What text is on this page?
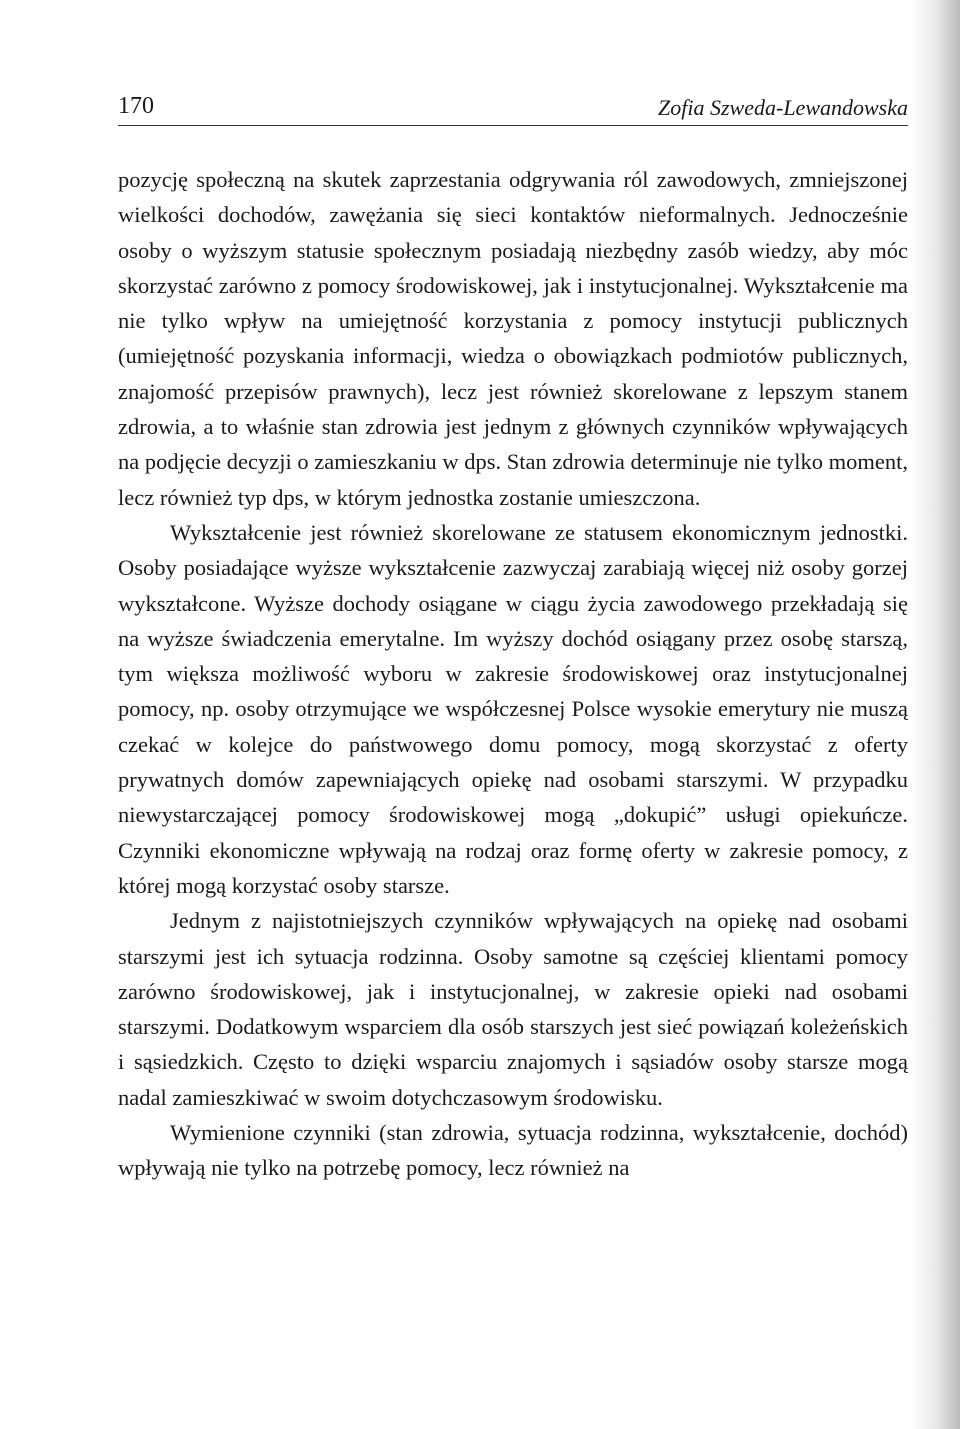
170	Zofia Szweda-Lewandowska

pozycję społeczną na skutek zaprzestania odgrywania ról zawodowych, zmniejszonej wielkości dochodów, zawężania się sieci kontaktów nieformalnych. Jednocześnie osoby o wyższym statusie społecznym posiadają niezbędny zasób wiedzy, aby móc skorzystać zarówno z pomocy środowiskowej, jak i instytucjonalnej. Wykształcenie ma nie tylko wpływ na umiejętność korzystania z pomocy instytucji publicznych (umiejętność pozyskania informacji, wiedza o obowiązkach podmiotów publicznych, znajomość przepisów prawnych), lecz jest również skorelowane z lepszym stanem zdrowia, a to właśnie stan zdrowia jest jednym z głównych czynników wpływających na podjęcie decyzji o zamieszkaniu w dps. Stan zdrowia determinuje nie tylko moment, lecz również typ dps, w którym jednostka zostanie umieszczona.

Wykształcenie jest również skorelowane ze statusem ekonomicznym jednostki. Osoby posiadające wyższe wykształcenie zazwyczaj zarabiają więcej niż osoby gorzej wykształcone. Wyższe dochody osiągane w ciągu życia zawodowego przekładają się na wyższe świadczenia emerytalne. Im wyższy dochód osiągany przez osobę starszą, tym większa możliwość wyboru w zakresie środowiskowej oraz instytucjonalnej pomocy, np. osoby otrzymujące we współczesnej Polsce wysokie emerytury nie muszą czekać w kolejce do państwowego domu pomocy, mogą skorzystać z oferty prywatnych domów zapewniających opiekę nad osobami starszymi. W przypadku niewystarczającej pomocy środowiskowej mogą „dokupić” usługi opiekuńcze. Czynniki ekonomiczne wpływają na rodzaj oraz formę oferty w zakresie pomocy, z której mogą korzystać osoby starsze.

Jednym z najistotniejszych czynników wpływających na opiekę nad osobami starszymi jest ich sytuacja rodzinna. Osoby samotne są częściej klientami pomocy zarówno środowiskowej, jak i instytucjonalnej, w zakresie opieki nad osobami starszymi. Dodatkowym wsparciem dla osób starszych jest sieć powiązań koleżeńskich i sąsiedzkich. Często to dzięki wsparciu znajomych i sąsiadów osoby starsze mogą nadal zamieszkiwać w swoim dotychczasowym środowisku.

Wymienione czynniki (stan zdrowia, sytuacja rodzinna, wykształcenie, dochód) wpływają nie tylko na potrzebę pomocy, lecz również na
